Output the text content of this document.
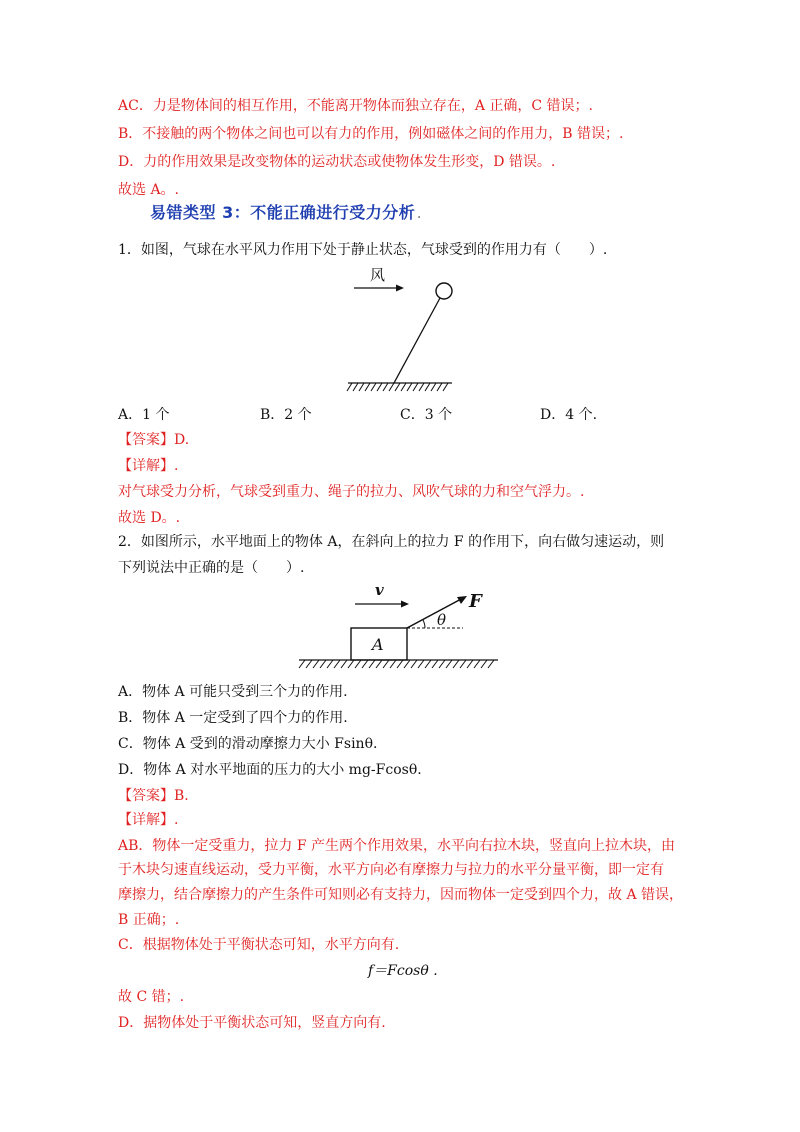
AC．力是物体间的相互作用，不能离开物体而独立存在，A 正确，C 错误；.
B．不接触的两个物体之间也可以有力的作用，例如磁体之间的作用力，B 错误；.
D．力的作用效果是改变物体的运动状态或使物体发生形变，D 错误。.
故选 A。.
易错类型 3：不能正确进行受力分析 .
1．如图，气球在水平风力作用下处于静止状态，气球受到的作用力有（　　）.
风
A．1 个	B．2 个	C．3 个	D．4 个.
【答案】D.
【详解】.
对气球受力分析，气球受到重力、绳子的拉力、风吹气球的力和空气浮力。.
故选 D。.
2．如图所示，水平地面上的物体 A，在斜向上的拉力 F 的作用下，向右做匀速运动，则
下列说法中正确的是（　　）.
v
F
θ
A
A．物体 A 可能只受到三个力的作用.
B．物体 A 一定受到了四个力的作用.
C．物体 A 受到的滑动摩擦力大小 Fsinθ.
D．物体 A 对水平地面的压力的大小 mg-Fcosθ.
【答案】B.
【详解】.
AB．物体一定受重力，拉力 F 产生两个作用效果，水平向右拉木块，竖直向上拉木块，由
于木块匀速直线运动，受力平衡，水平方向必有摩擦力与拉力的水平分量平衡，即一定有
摩擦力，结合摩擦力的产生条件可知则必有支持力，因而物体一定受到四个力，故 A 错误，
B 正确；.
C．根据物体处于平衡状态可知，水平方向有.
f＝Fcosθ .
故 C 错；.
D．据物体处于平衡状态可知，竖直方向有.
